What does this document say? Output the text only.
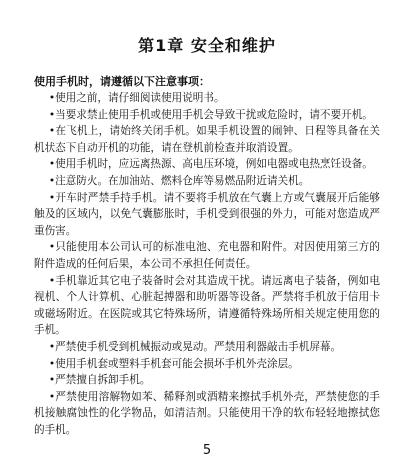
第1章 安全和维护
使用手机时，请遵循以下注意事项：
•使用之前，请仔细阅读使用说明书。
•当要求禁止使用手机或使用手机会导致干扰或危险时，请不要开机。
•在飞机上，请始终关闭手机。如果手机设置的闹钟、日程等具备在关机状态下自动开机的功能，请在登机前检查并取消设置。
•使用手机时，应远离热源、高电压环境，例如电器或电热烹饪设备。
•注意防火。在加油站、燃料仓库等易燃品附近请关机。
•开车时严禁手持手机。请不要将手机放在气囊上方或气囊展开后能够触及的区域内，以免气囊膨胀时，手机受到很强的外力，可能对您造成严重伤害。
•只能使用本公司认可的标准电池、充电器和附件。对因使用第三方的附件造成的任何后果，本公司不承担任何责任。
•手机靠近其它电子装备时会对其造成干扰。请远离电子装备，例如电视机、个人计算机、心脏起搏器和助听器等设备。严禁将手机放于信用卡或磁场附近。在医院或其它特殊场所，请遵循特殊场所相关规定使用您的手机。
•严禁使手机受到机械振动或晃动。严禁用利器敲击手机屏幕。
•使用手机套或塑料手机套可能会损坏手机外壳涂层。
•严禁擅自拆卸手机。
•严禁使用溶解物如苯、稀释剂或酒精来擦拭手机外壳，严禁使您的手机接触腐蚀性的化学物品，如清洁剂。只能使用干净的软布轻轻地擦拭您的手机。
5
